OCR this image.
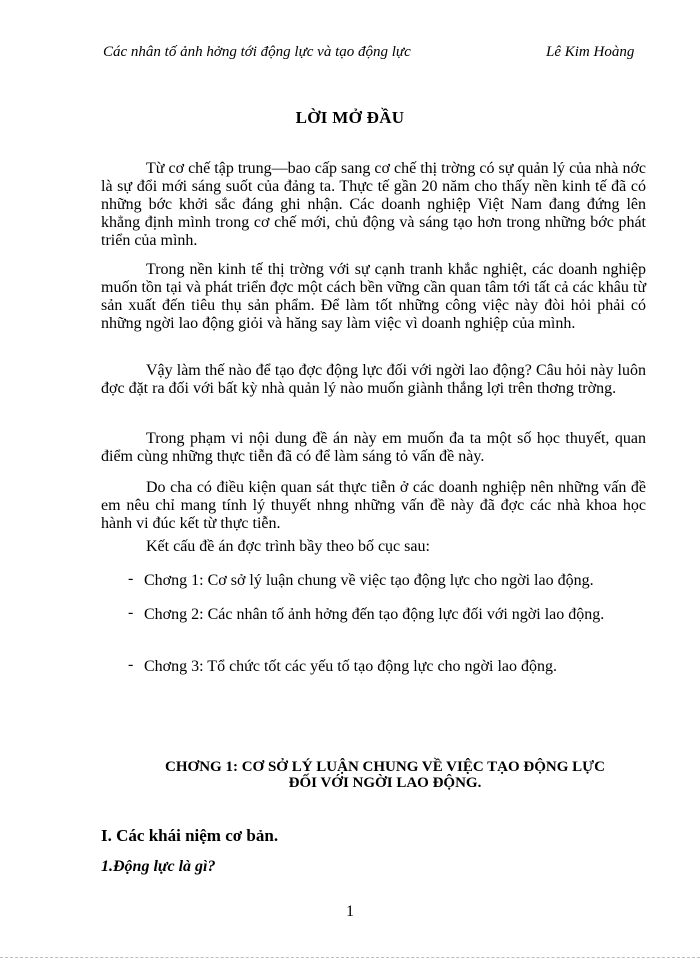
Các nhân tố ảnh hởng tới động lực và tạo động lực	Lê Kim Hoàng
LỜI MỞ ĐẦU

Từ cơ chế tập trung—bao cấp sang cơ chế thị trờng có sự quản lý của nhà nớc là sự đổi mới sáng suốt của đảng ta. Thực tế gần 20 năm cho thấy nền kinh tế đã có những bớc khởi sắc đáng ghi nhận. Các doanh nghiệp Việt Nam đang đứng lên khẳng định mình trong cơ chế mới, chủ động và sáng tạo hơn trong những bớc phát triển của mình.

Trong nền kinh tế thị trờng với sự cạnh tranh khắc nghiệt, các doanh nghiệp muốn tồn tại và phát triển đợc một cách bền vững cần quan tâm tới tất cả các khâu từ sản xuất đến tiêu thụ sản phẩm. Để làm tốt những công việc này đòi hỏi phải có những ngời lao động giỏi và hăng say làm việc vì doanh nghiệp của mình.

Vậy làm thế nào để tạo đợc động lực đối với ngời lao động? Câu hỏi này luôn đợc đặt ra đối với bất kỳ nhà quản lý nào muốn giành thắng lợi trên thơng trờng.

Trong phạm vi nội dung đề án này em muốn đa ta một số học thuyết, quan điểm cùng những thực tiễn đã có để làm sáng tỏ vấn đề này.

Do cha có điều kiện quan sát thực tiễn ở các doanh nghiệp nên những vấn đề em nêu chỉ mang tính lý thuyết nhng những vấn đề này đã đợc các nhà khoa học hành vi đúc kết từ thực tiễn.

Kết cấu đề án đợc trình bầy theo bố cục sau:

- Chơng 1: Cơ sở lý luận chung về việc tạo động lực cho ngời lao động.
- Chơng 2: Các nhân tố ảnh hởng đến tạo động lực đối với ngời lao động.
- Chơng 3: Tổ chức tốt các yếu tố tạo động lực cho ngời lao động.
CHƠNG 1: CƠ SỞ LÝ LUẬN CHUNG VỀ VIỆC TẠO ĐỘNG LỰC
ĐỐI VỚI NGỜI LAO ĐỘNG.
I. Các khái niệm cơ bản.
1.Động lực là gì?
1
